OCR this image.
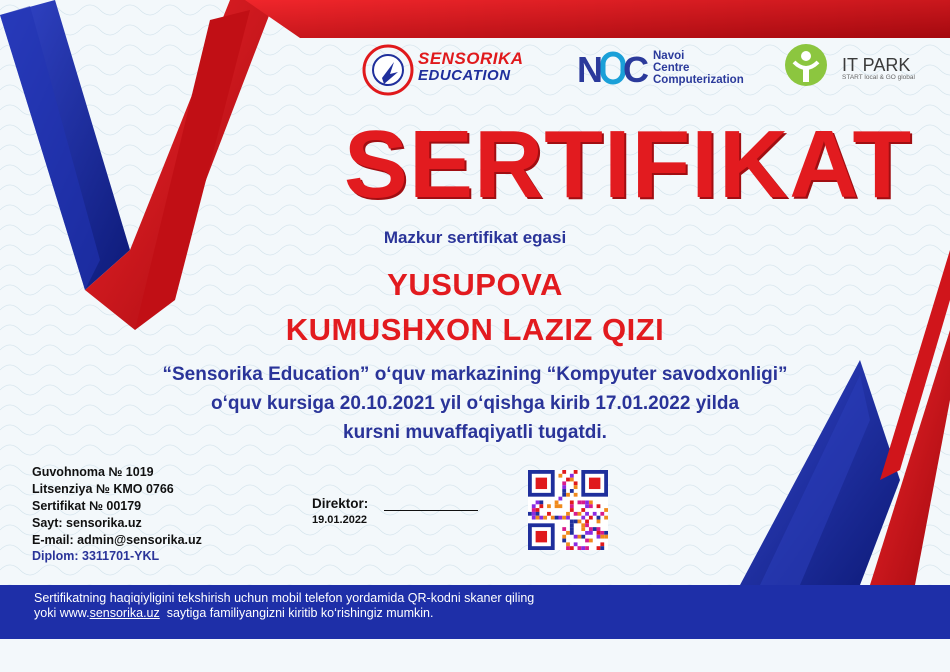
SENSORIKA
EDUCATION N C Navoi
Centre
Computerization
IT PARK
START local & GO global
SERTIFIKAT
Mazkur sertifikat egasi
YUSUPOVA
KUMUSHXON LAZIZ QIZI
“Sensorika Education” o‘quv markazining “Kompyuter savodxonligi”
o‘quv kursiga 20.10.2021 yil o‘qishga kirib 17.01.2022 yilda
kursni muvaffaqiyatli tugatdi.
Guvohnoma № 1019
Litsenziya № KMO 0766
Sertifikat № 00179
Sayt: sensorika.uz
E-mail: admin@sensorika.uz
Diplom: 3311701-YKL
Direktor:
19.01.2022
Sertifikatning haqiqiyligini tekshirish uchun mobil telefon yordamida QR-kodni skaner qiling
yoki www.sensorika.uz  saytiga familiyangizni kiritib ko‘rishingiz mumkin.
